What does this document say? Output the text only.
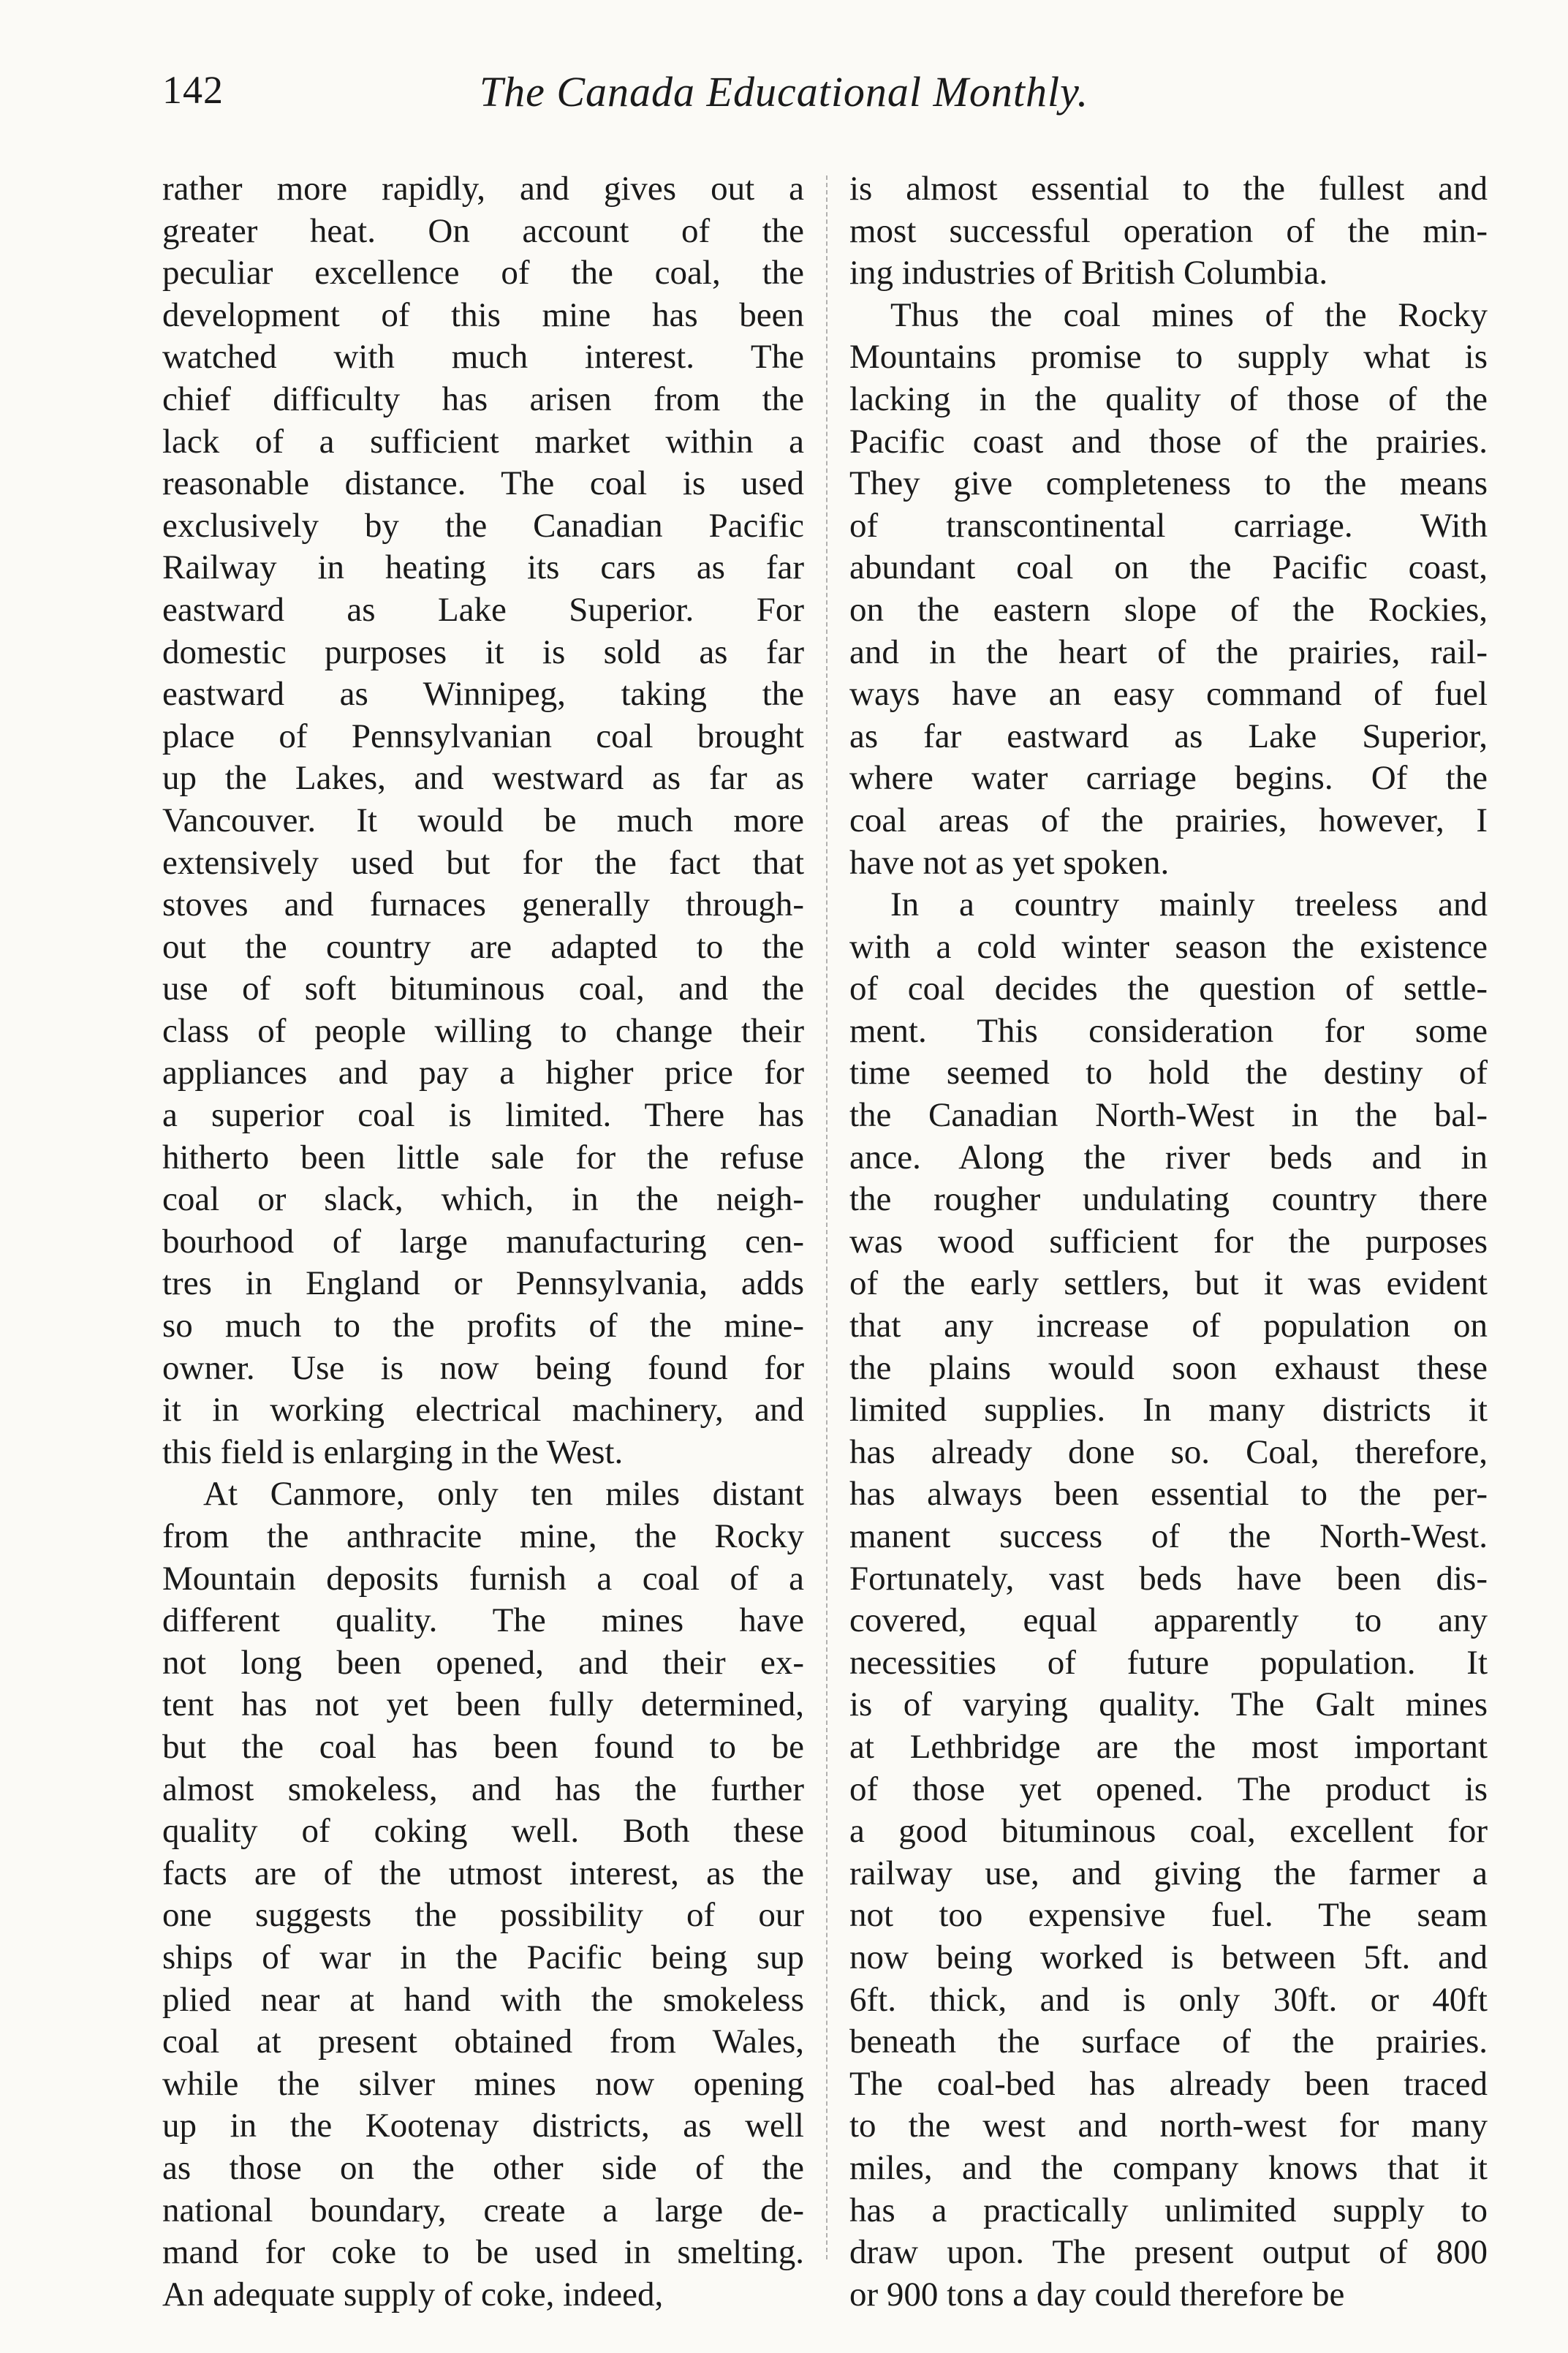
142	The Canada Educational Monthly.
rather more rapidly, and gives out a
greater heat. On account of the
peculiar excellence of the coal, the
development of this mine has been
watched with much interest. The
chief difficulty has arisen from the
lack of a sufficient market within a
reasonable distance. The coal is used
exclusively by the Canadian Pacific
Railway in heating its cars as far
eastward as Lake Superior. For
domestic purposes it is sold as far
eastward as Winnipeg, taking the
place of Pennsylvanian coal brought
up the Lakes, and westward as far as
Vancouver. It would be much more
extensively used but for the fact that
stoves and furnaces generally through-
out the country are adapted to the
use of soft bituminous coal, and the
class of people willing to change their
appliances and pay a higher price for
a superior coal is limited. There has
hitherto been little sale for the refuse
coal or slack, which, in the neigh-
bourhood of large manufacturing cen-
tres in England or Pennsylvania, adds
so much to the profits of the mine-
owner. Use is now being found for
it in working electrical machinery, and
this field is enlarging in the West.
At Canmore, only ten miles distant
from the anthracite mine, the Rocky
Mountain deposits furnish a coal of a
different quality. The mines have
not long been opened, and their ex-
tent has not yet been fully determined,
but the coal has been found to be
almost smokeless, and has the further
quality of coking well. Both these
facts are of the utmost interest, as the
one suggests the possibility of our
ships of war in the Pacific being sup
plied near at hand with the smokeless
coal at present obtained from Wales,
while the silver mines now opening
up in the Kootenay districts, as well
as those on the other side of the
national boundary, create a large de-
mand for coke to be used in smelting.
An adequate supply of coke, indeed,
is almost essential to the fullest and
most successful operation of the min-
ing industries of British Columbia.
Thus the coal mines of the Rocky
Mountains promise to supply what is
lacking in the quality of those of the
Pacific coast and those of the prairies.
They give completeness to the means
of transcontinental carriage. With
abundant coal on the Pacific coast,
on the eastern slope of the Rockies,
and in the heart of the prairies, rail-
ways have an easy command of fuel
as far eastward as Lake Superior,
where water carriage begins. Of the
coal areas of the prairies, however, I
have not as yet spoken.
In a country mainly treeless and
with a cold winter season the existence
of coal decides the question of settle-
ment. This consideration for some
time seemed to hold the destiny of
the Canadian North-West in the bal-
ance. Along the river beds and in
the rougher undulating country there
was wood sufficient for the purposes
of the early settlers, but it was evident
that any increase of population on
the plains would soon exhaust these
limited supplies. In many districts it
has already done so. Coal, therefore,
has always been essential to the per-
manent success of the North-West.
Fortunately, vast beds have been dis-
covered, equal apparently to any
necessities of future population. It
is of varying quality. The Galt mines
at Lethbridge are the most important
of those yet opened. The product is
a good bituminous coal, excellent for
railway use, and giving the farmer a
not too expensive fuel. The seam
now being worked is between 5ft. and
6ft. thick, and is only 30ft. or 40ft
beneath the surface of the prairies.
The coal-bed has already been traced
to the west and north-west for many
miles, and the company knows that it
has a practically unlimited supply to
draw upon. The present output of 800
or 900 tons a day could therefore be
